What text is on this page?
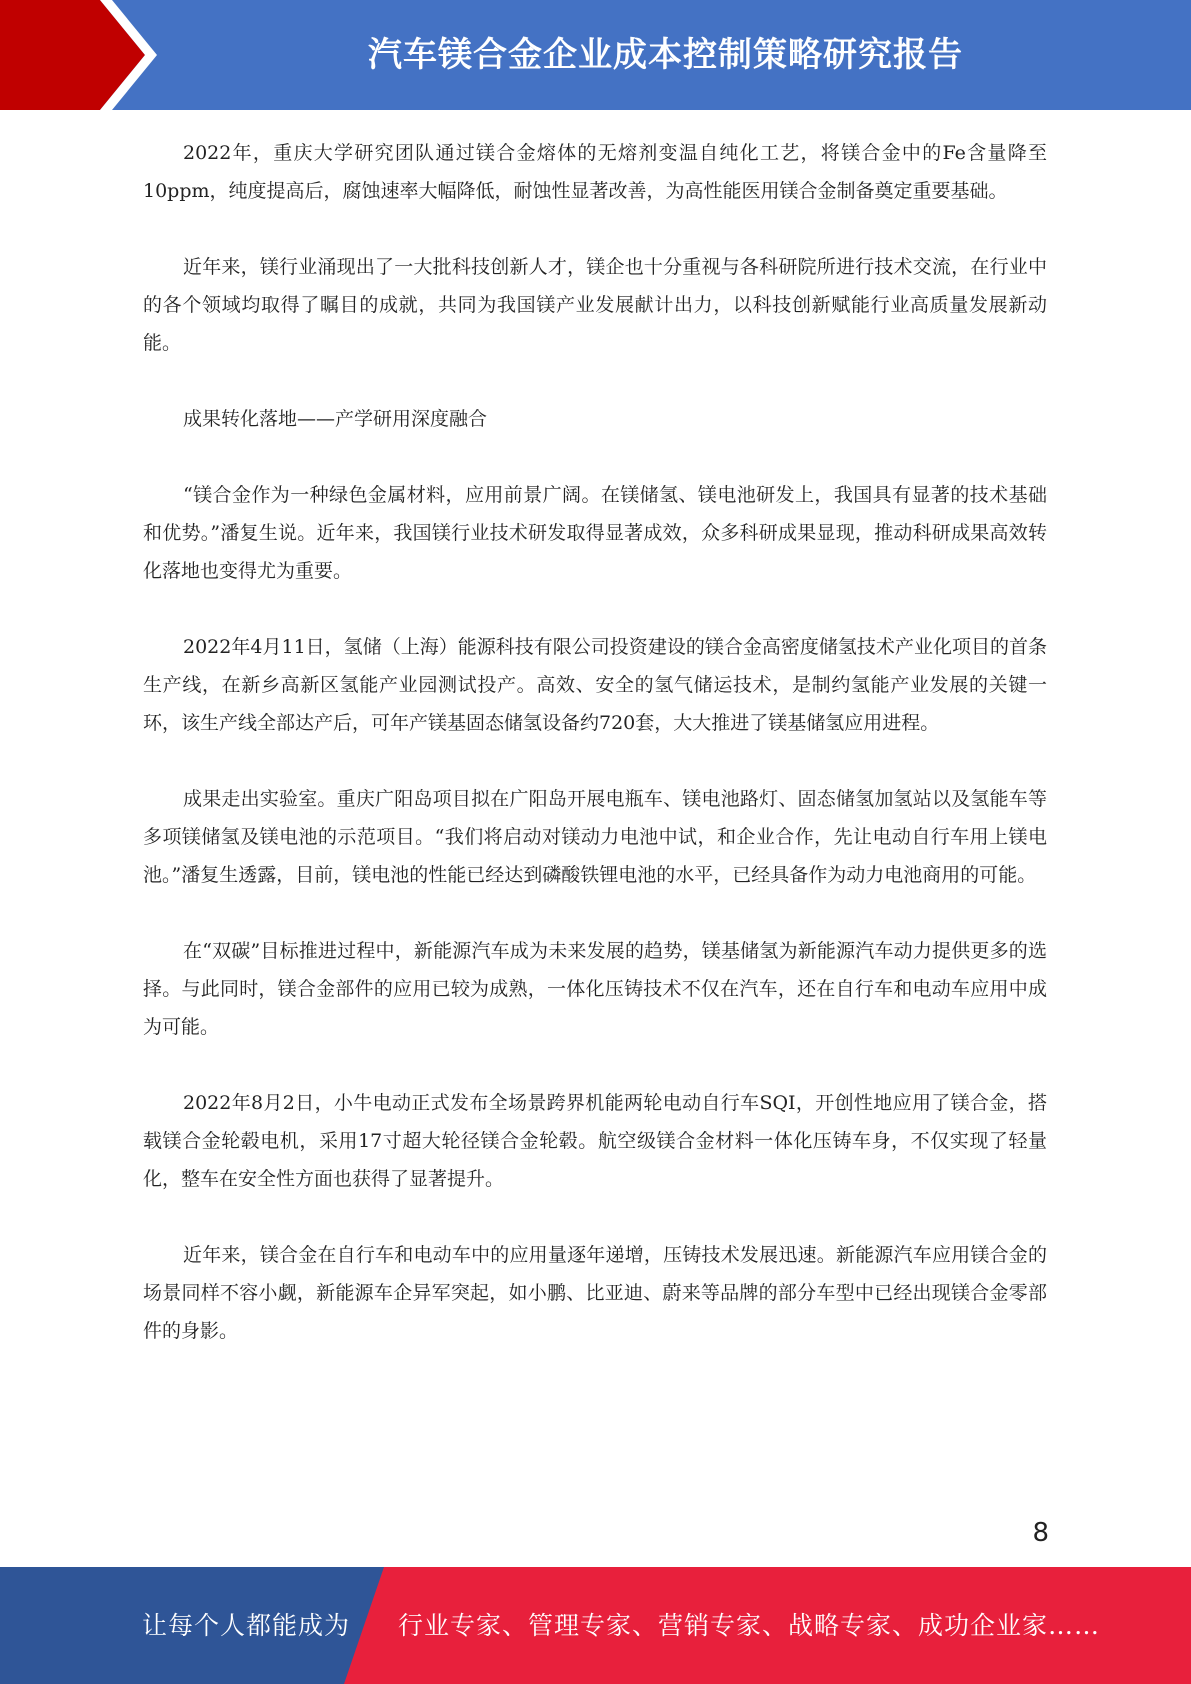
汽车镁合金企业成本控制策略研究报告

2022年，重庆大学研究团队通过镁合金熔体的无熔剂变温自纯化工艺，将镁合金中的Fe含量降至10ppm，纯度提高后，腐蚀速率大幅降低，耐蚀性显著改善，为高性能医用镁合金制备奠定重要基础。

近年来，镁行业涌现出了一大批科技创新人才，镁企也十分重视与各科研院所进行技术交流，在行业中的各个领域均取得了瞩目的成就，共同为我国镁产业发展献计出力，以科技创新赋能行业高质量发展新动能。

成果转化落地——产学研用深度融合

“镁合金作为一种绿色金属材料，应用前景广阔。在镁储氢、镁电池研发上，我国具有显著的技术基础和优势。”潘复生说。近年来，我国镁行业技术研发取得显著成效，众多科研成果显现，推动科研成果高效转化落地也变得尤为重要。

2022年4月11日，氢储（上海）能源科技有限公司投资建设的镁合金高密度储氢技术产业化项目的首条生产线，在新乡高新区氢能产业园测试投产。高效、安全的氢气储运技术，是制约氢能产业发展的关键一环，该生产线全部达产后，可年产镁基固态储氢设备约720套，大大推进了镁基储氢应用进程。

成果走出实验室。重庆广阳岛项目拟在广阳岛开展电瓶车、镁电池路灯、固态储氢加氢站以及氢能车等多项镁储氢及镁电池的示范项目。“我们将启动对镁动力电池中试，和企业合作，先让电动自行车用上镁电池。”潘复生透露，目前，镁电池的性能已经达到磷酸铁锂电池的水平，已经具备作为动力电池商用的可能。

在“双碳”目标推进过程中，新能源汽车成为未来发展的趋势，镁基储氢为新能源汽车动力提供更多的选择。与此同时，镁合金部件的应用已较为成熟，一体化压铸技术不仅在汽车，还在自行车和电动车应用中成为可能。

2022年8月2日，小牛电动正式发布全场景跨界机能两轮电动自行车SQI，开创性地应用了镁合金，搭载镁合金轮毂电机，采用17寸超大轮径镁合金轮毂。航空级镁合金材料一体化压铸车身，不仅实现了轻量化，整车在安全性方面也获得了显著提升。

近年来，镁合金在自行车和电动车中的应用量逐年递增，压铸技术发展迅速。新能源汽车应用镁合金的场景同样不容小觑，新能源车企异军突起，如小鹏、比亚迪、蔚来等品牌的部分车型中已经出现镁合金零部件的身影。

8
让每个人都能成为 行业专家、管理专家、营销专家、战略专家、成功企业家……
